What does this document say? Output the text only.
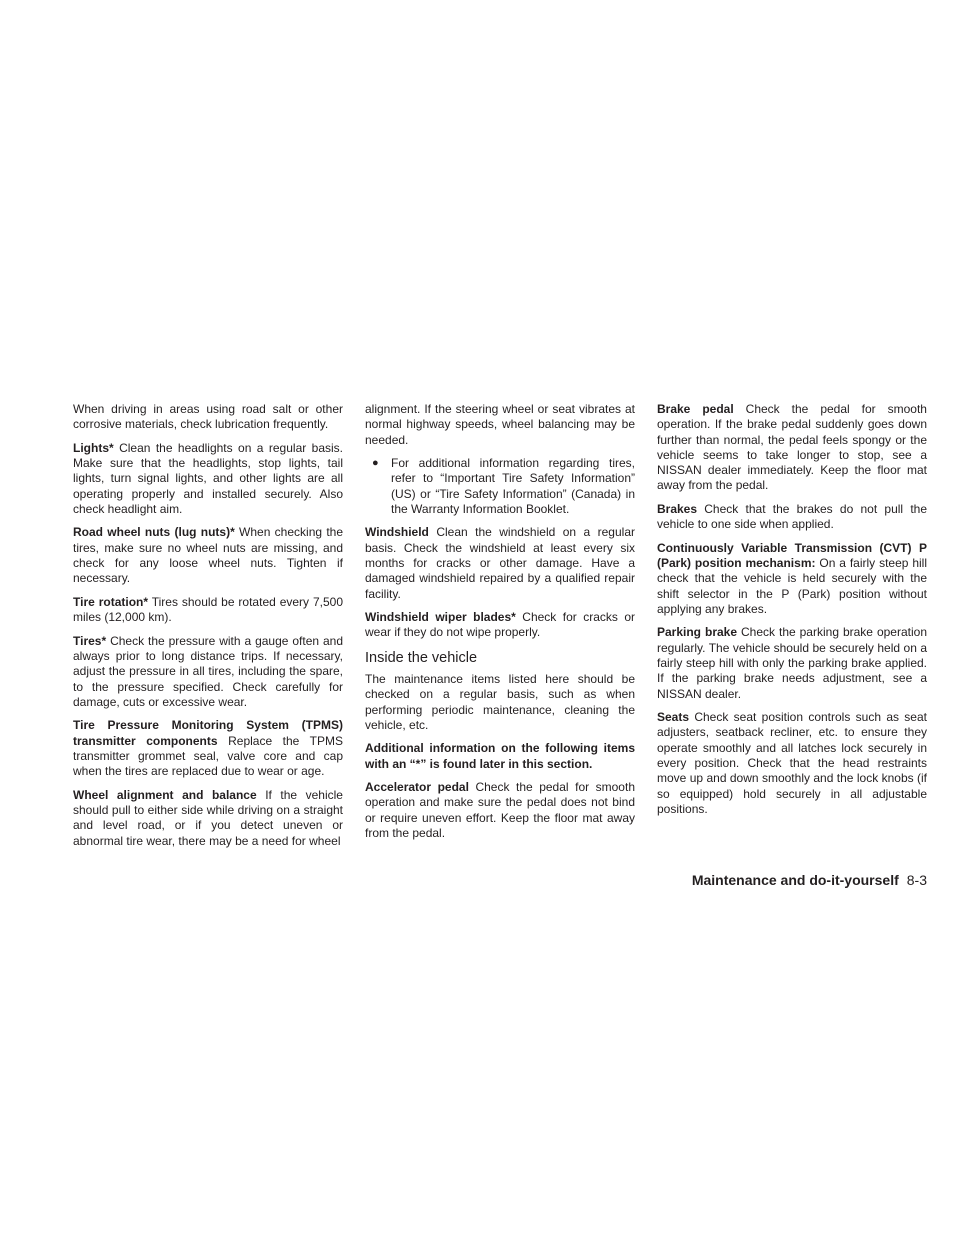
When driving in areas using road salt or other corrosive materials, check lubrication frequently.

Lights* Clean the headlights on a regular basis. Make sure that the headlights, stop lights, tail lights, turn signal lights, and other lights are all operating properly and installed securely. Also check headlight aim.

Road wheel nuts (lug nuts)* When checking the tires, make sure no wheel nuts are missing, and check for any loose wheel nuts. Tighten if necessary.

Tire rotation* Tires should be rotated every 7,500 miles (12,000 km).

Tires* Check the pressure with a gauge often and always prior to long distance trips. If necessary, adjust the pressure in all tires, including the spare, to the pressure specified. Check carefully for damage, cuts or excessive wear.

Tire Pressure Monitoring System (TPMS) transmitter components Replace the TPMS transmitter grommet seal, valve core and cap when the tires are replaced due to wear or age.

Wheel alignment and balance If the vehicle should pull to either side while driving on a straight and level road, or if you detect uneven or abnormal tire wear, there may be a need for wheel

alignment. If the steering wheel or seat vibrates at normal highway speeds, wheel balancing may be needed.

●	For additional information regarding tires, refer to “Important Tire Safety Information” (US) or “Tire Safety Information” (Canada) in the Warranty Information Booklet.

Windshield Clean the windshield on a regular basis. Check the windshield at least every six months for cracks or other damage. Have a damaged windshield repaired by a qualified repair facility.

Windshield wiper blades* Check for cracks or wear if they do not wipe properly.

Inside the vehicle

The maintenance items listed here should be checked on a regular basis, such as when performing periodic maintenance, cleaning the vehicle, etc.

Additional information on the following items with an “*” is found later in this section.

Accelerator pedal Check the pedal for smooth operation and make sure the pedal does not bind or require uneven effort. Keep the floor mat away from the pedal.

Brake pedal Check the pedal for smooth operation. If the brake pedal suddenly goes down further than normal, the pedal feels spongy or the vehicle seems to take longer to stop, see a NISSAN dealer immediately. Keep the floor mat away from the pedal.

Brakes Check that the brakes do not pull the vehicle to one side when applied.

Continuously Variable Transmission (CVT) P (Park) position mechanism: On a fairly steep hill check that the vehicle is held securely with the shift selector in the P (Park) position without applying any brakes.

Parking brake Check the parking brake operation regularly. The vehicle should be securely held on a fairly steep hill with only the parking brake applied. If the parking brake needs adjustment, see a NISSAN dealer.

Seats Check seat position controls such as seat adjusters, seatback recliner, etc. to ensure they operate smoothly and all latches lock securely in every position. Check that the head restraints move up and down smoothly and the lock knobs (if so equipped) hold securely in all adjustable positions.

Maintenance and do-it-yourself 8-3
